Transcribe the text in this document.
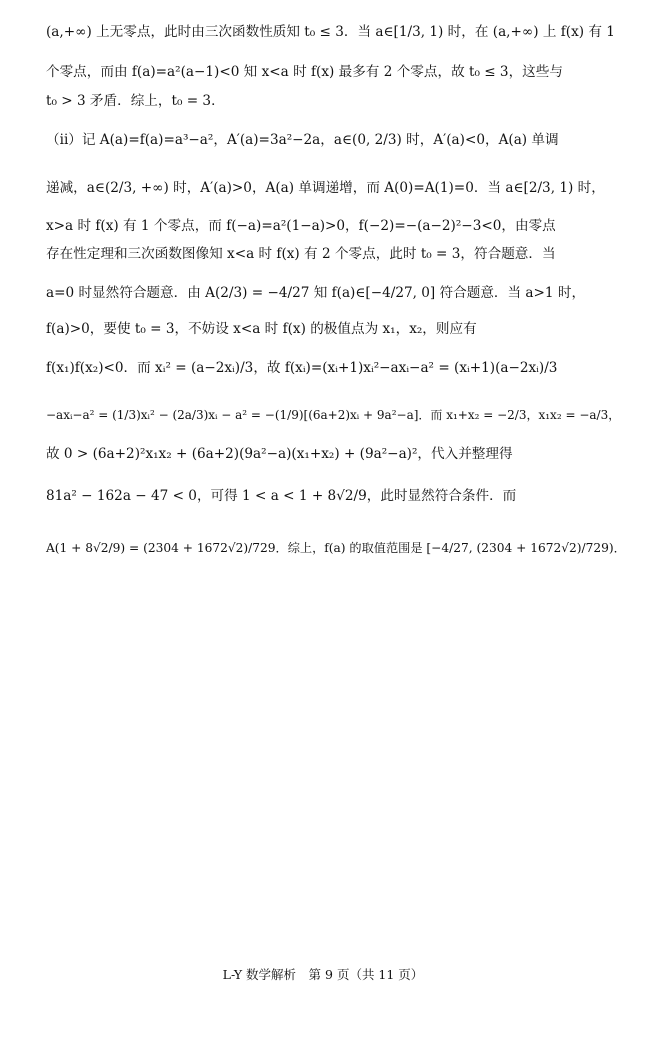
(a,+∞) 上无零点，此时由三次函数性质知 t₀ ≤ 3．当 a∈[1/3, 1) 时，在 (a,+∞) 上 f(x) 有 1
个零点，而由 f(a)=a²(a−1)<0 知 x<a 时 f(x) 最多有 2 个零点，故 t₀ ≤ 3，这些与
t₀ > 3 矛盾．综上，t₀ = 3．
（ii）记 A(a)=f(a)=a³−a²，A′(a)=3a²−2a，a∈(0, 2/3) 时，A′(a)<0，A(a) 单调
递减，a∈(2/3, +∞) 时，A′(a)>0，A(a) 单调递增，而 A(0)=A(1)=0．当 a∈[2/3, 1) 时，
x>a 时 f(x) 有 1 个零点，而 f(−a)=a²(1−a)>0，f(−2)=−(a−2)²−3<0，由零点
存在性定理和三次函数图像知 x<a 时 f(x) 有 2 个零点，此时 t₀ = 3，符合题意．当
a=0 时显然符合题意．由 A(2/3) = −4/27 知 f(a)∈[−4/27, 0] 符合题意．当 a>1 时，
f(a)>0，要使 t₀ = 3，不妨设 x<a 时 f(x) 的极值点为 x₁，x₂，则应有
f(x₁)f(x₂)<0．而 xᵢ² = (a−2xᵢ)/3，故 f(xᵢ)=(xᵢ+1)xᵢ²−axᵢ−a² = (xᵢ+1)(a−2xᵢ)/3
−axᵢ−a² = (1/3)xᵢ² − (2a/3)xᵢ − a² = −(1/9)[(6a+2)xᵢ + 9a²−a]．而 x₁+x₂ = −2/3，x₁x₂ = −a/3，
故 0 > (6a+2)²x₁x₂ + (6a+2)(9a²−a)(x₁+x₂) + (9a²−a)²，代入并整理得
81a² − 162a − 47 < 0，可得 1 < a < 1 + 8√2/9，此时显然符合条件．而
A(1 + 8√2/9) = (2304 + 1672√2)/729．综上，f(a) 的取值范围是 [−4/27, (2304 + 1672√2)/729)．
L-Y 数学解析　第 9 页（共 11 页）
